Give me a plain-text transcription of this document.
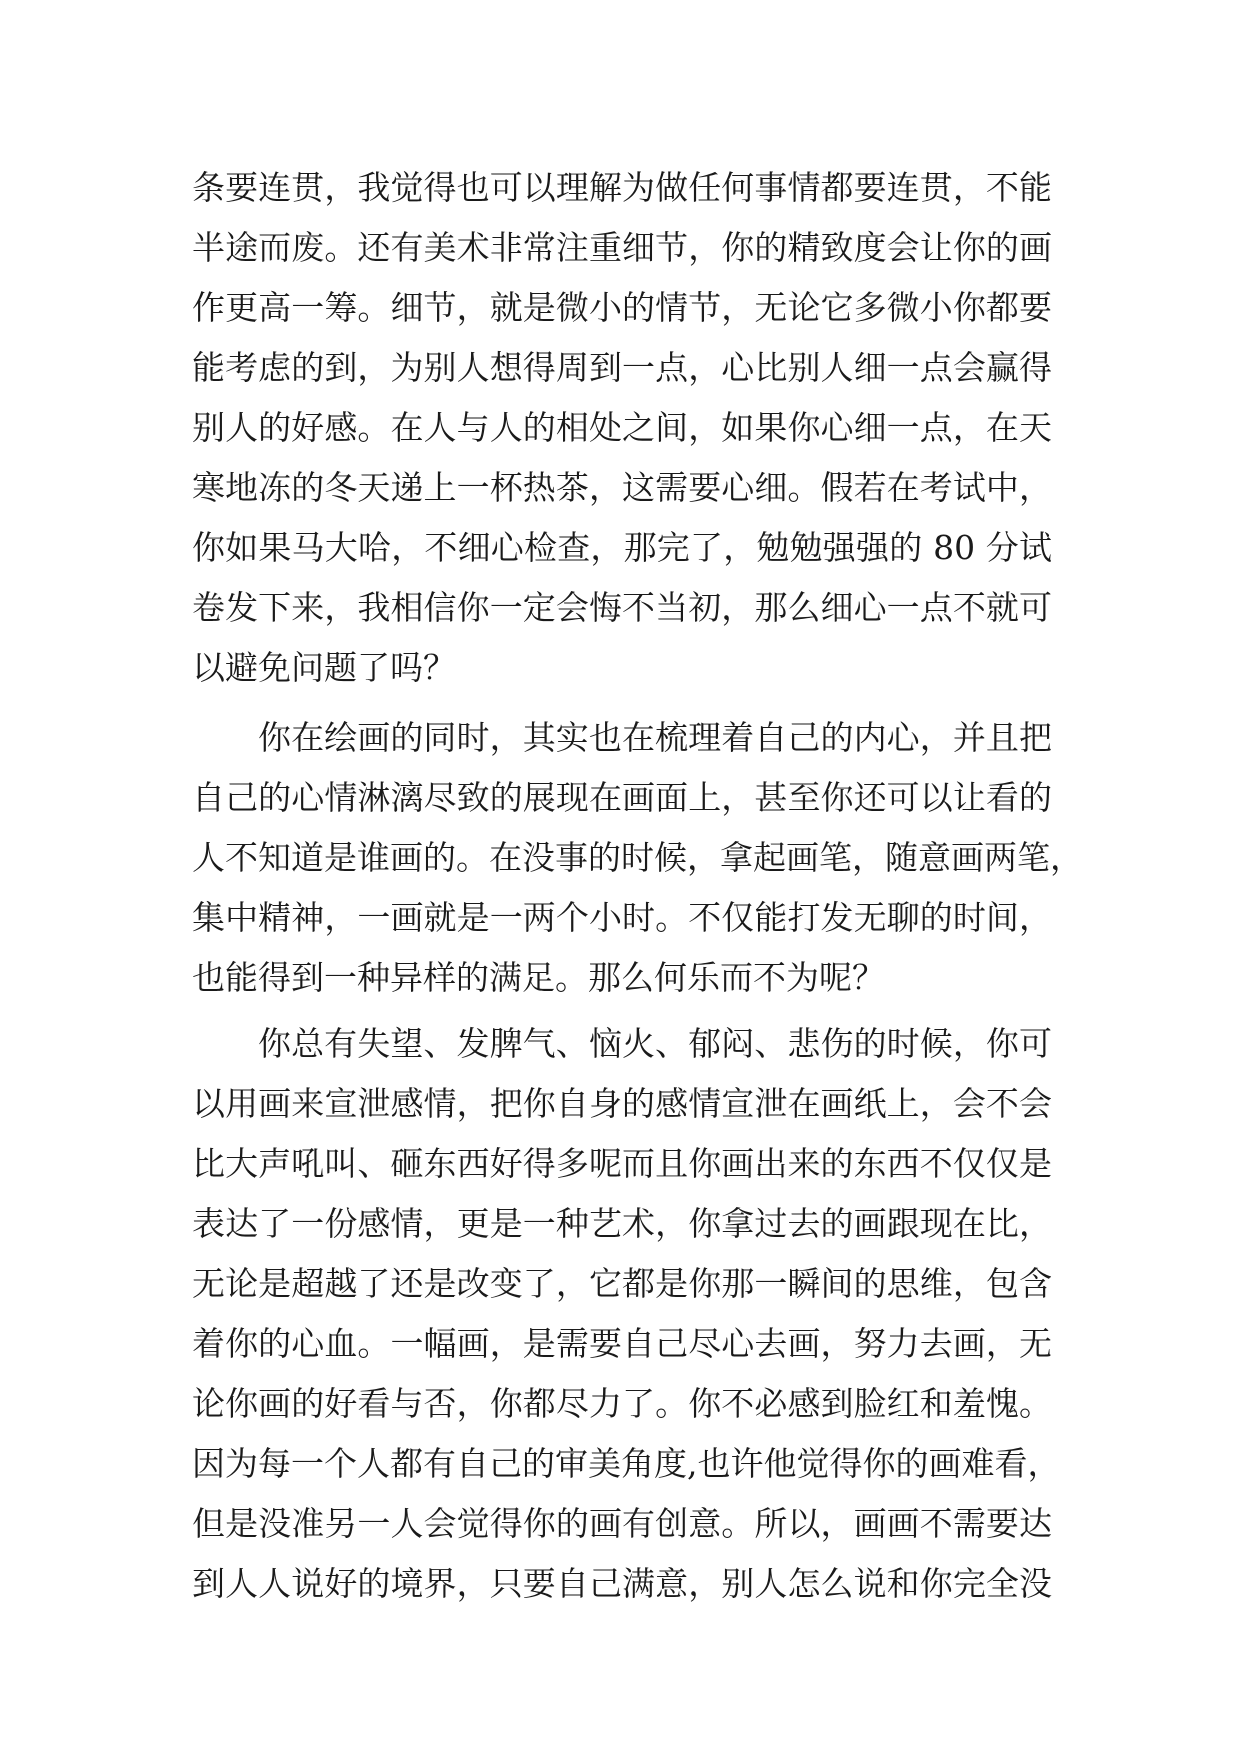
条要连贯，我觉得也可以理解为做任何事情都要连贯，不能
半途而废。还有美术非常注重细节，你的精致度会让你的画
作更高一筹。细节，就是微小的情节，无论它多微小你都要
能考虑的到，为别人想得周到一点，心比别人细一点会赢得
别人的好感。在人与人的相处之间，如果你心细一点，在天
寒地冻的冬天递上一杯热茶，这需要心细。假若在考试中，
你如果马大哈，不细心检查，那完了，勉勉强强的 80 分试
卷发下来，我相信你一定会悔不当初，那么细心一点不就可
以避免问题了吗？
你在绘画的同时，其实也在梳理着自己的内心，并且把
自己的心情淋漓尽致的展现在画面上，甚至你还可以让看的
人不知道是谁画的。在没事的时候，拿起画笔，随意画两笔，
集中精神，一画就是一两个小时。不仅能打发无聊的时间，
也能得到一种异样的满足。那么何乐而不为呢？
你总有失望、发脾气、恼火、郁闷、悲伤的时候，你可
以用画来宣泄感情，把你自身的感情宣泄在画纸上，会不会
比大声吼叫、砸东西好得多呢而且你画出来的东西不仅仅是
表达了一份感情，更是一种艺术，你拿过去的画跟现在比，
无论是超越了还是改变了，它都是你那一瞬间的思维，包含
着你的心血。一幅画，是需要自己尽心去画，努力去画，无
论你画的好看与否，你都尽力了。你不必感到脸红和羞愧。
因为每一个人都有自己的审美角度,也许他觉得你的画难看，
但是没准另一人会觉得你的画有创意。所以，画画不需要达
到人人说好的境界，只要自己满意，别人怎么说和你完全没
